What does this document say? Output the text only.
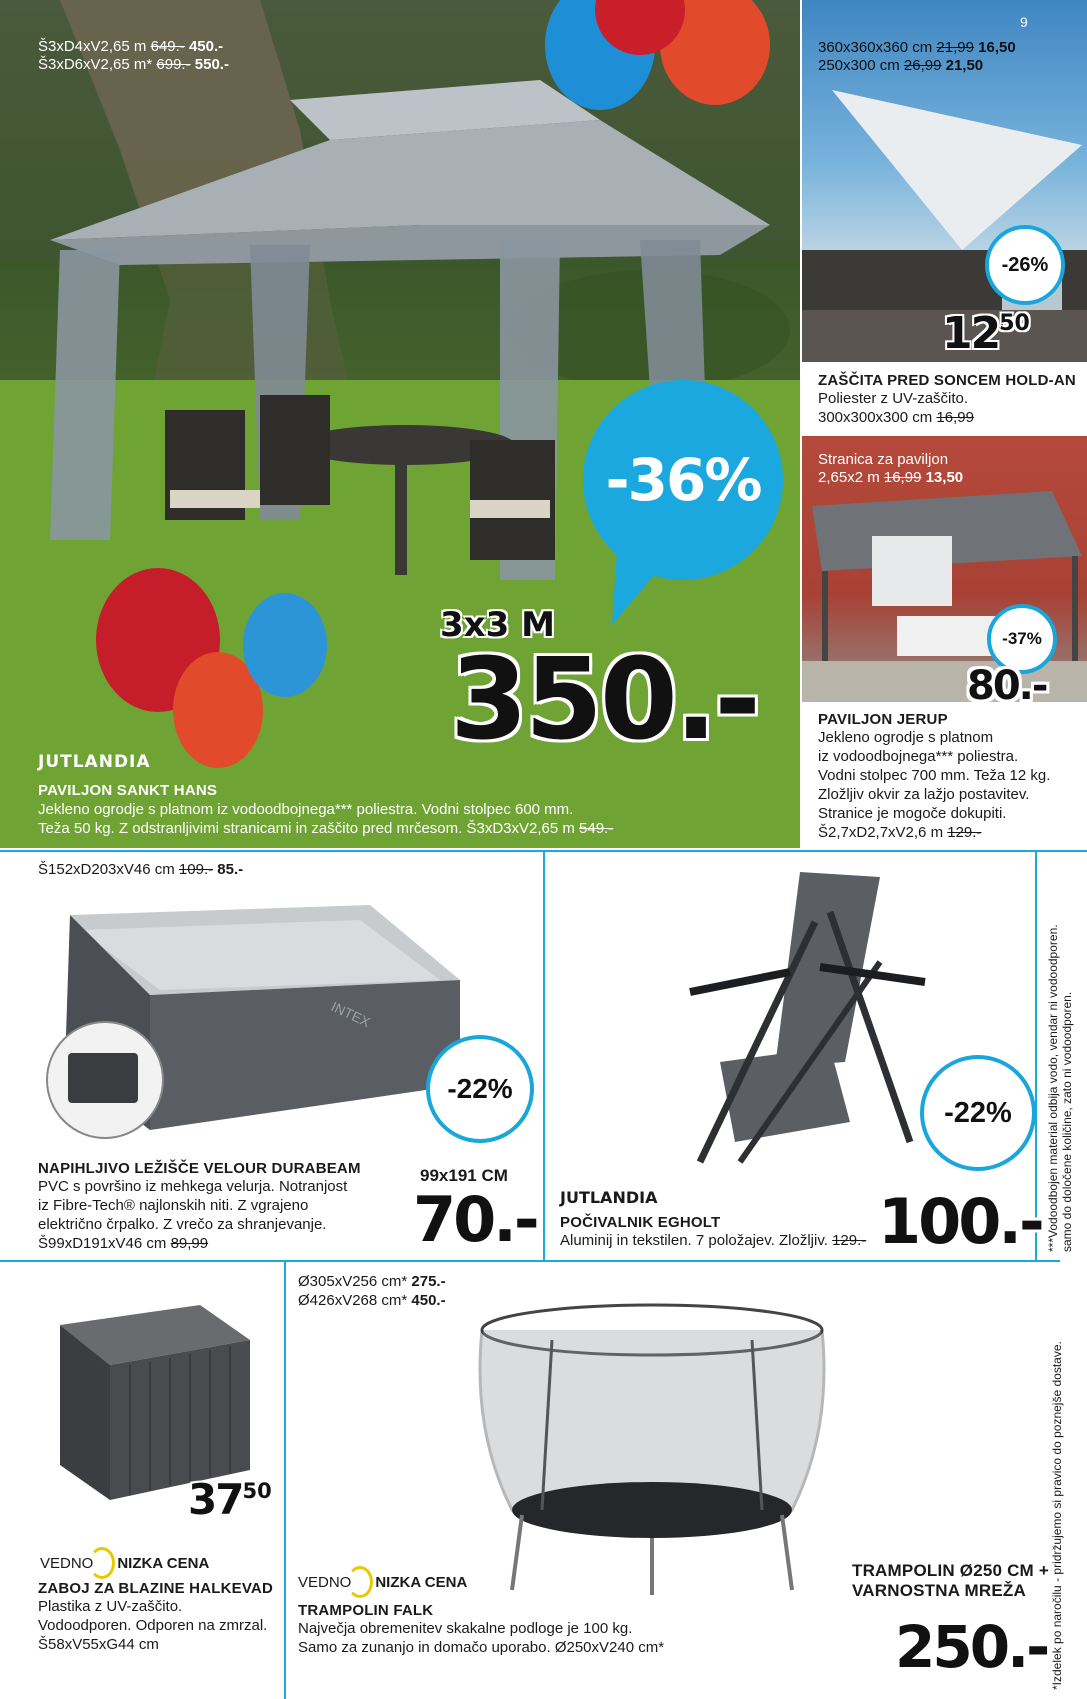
Š3xD4xV2,65 m 649.- 450.-
Š3xD6xV2,65 m* 699.- 550.-
-36%
3x3 M
350.-
JUTLANDIA
PAVILJON SANKT HANS
Jekleno ogrodje s platnom iz vodoodbojnega*** poliestra. Vodni stolpec 600 mm.
Teža 50 kg. Z odstranljivimi stranicami in zaščito pred mrčesom. Š3xD3xV2,65 m 549.-
9
360x360x360 cm 21,99 16,50
250x300 cm 26,99 21,50
-26%
$12^{50}$
ZAŠČITA PRED SONCEM HOLD-AN
Poliester z UV-zaščito.
300x300x300 cm 16,99
Stranica za paviljon
2,65x2 m 16,99 13,50
-37%
80.-
PAVILJON JERUP
Jekleno ogrodje s platnom
iz vodoodbojnega*** poliestra.
Vodni stolpec 700 mm. Teža 12 kg.
Zložljiv okvir za lažjo postavitev.
Stranice je mogoče dokupiti.
Š2,7xD2,7xV2,6 m 129.-
Š152xD203xV46 cm 109.- 85.-
INTEX
-22%
NAPIHLJIVO LEŽIŠČE VELOUR DURABEAM
PVC s površino iz mehkega velurja. Notranjost
iz Fibre-Tech® najlonskih niti. Z vgrajeno
električno črpalko. Z vrečo za shranjevanje.
Š99xD191xV46 cm 89,99
99x191 CM
70.-
-22%
JUTLANDIA	100.-
POČIVALNIK EGHOLT
Aluminij in tekstilen. 7 položajev. Zložljiv. 129.-	***Vodoodbojen material odbija vodo, vendar ni vodoodporen. samo do določene količine, zato ni vodoodporen.
*Izdelek po naročilu - pridržujemo si pravico do poznejše dostave.
$37^{50}$
VEDNO NIZKA CENA
ZABOJ ZA BLAZINE HALKEVAD
Plastika z UV-zaščito.
Vodoodporen. Odporen na zmrzal.
Š58xV55xG44 cm
Ø305xV256 cm* 275.-
Ø426xV268 cm* 450.-
VEDNO NIZKA CENA
TRAMPOLIN FALK
Največja obremenitev skakalne podloge je 100 kg.
Samo za zunanjo in domačo uporabo. Ø250xV240 cm*
TRAMPOLIN Ø250 CM +
VARNOSTNA MREŽA
250.-
